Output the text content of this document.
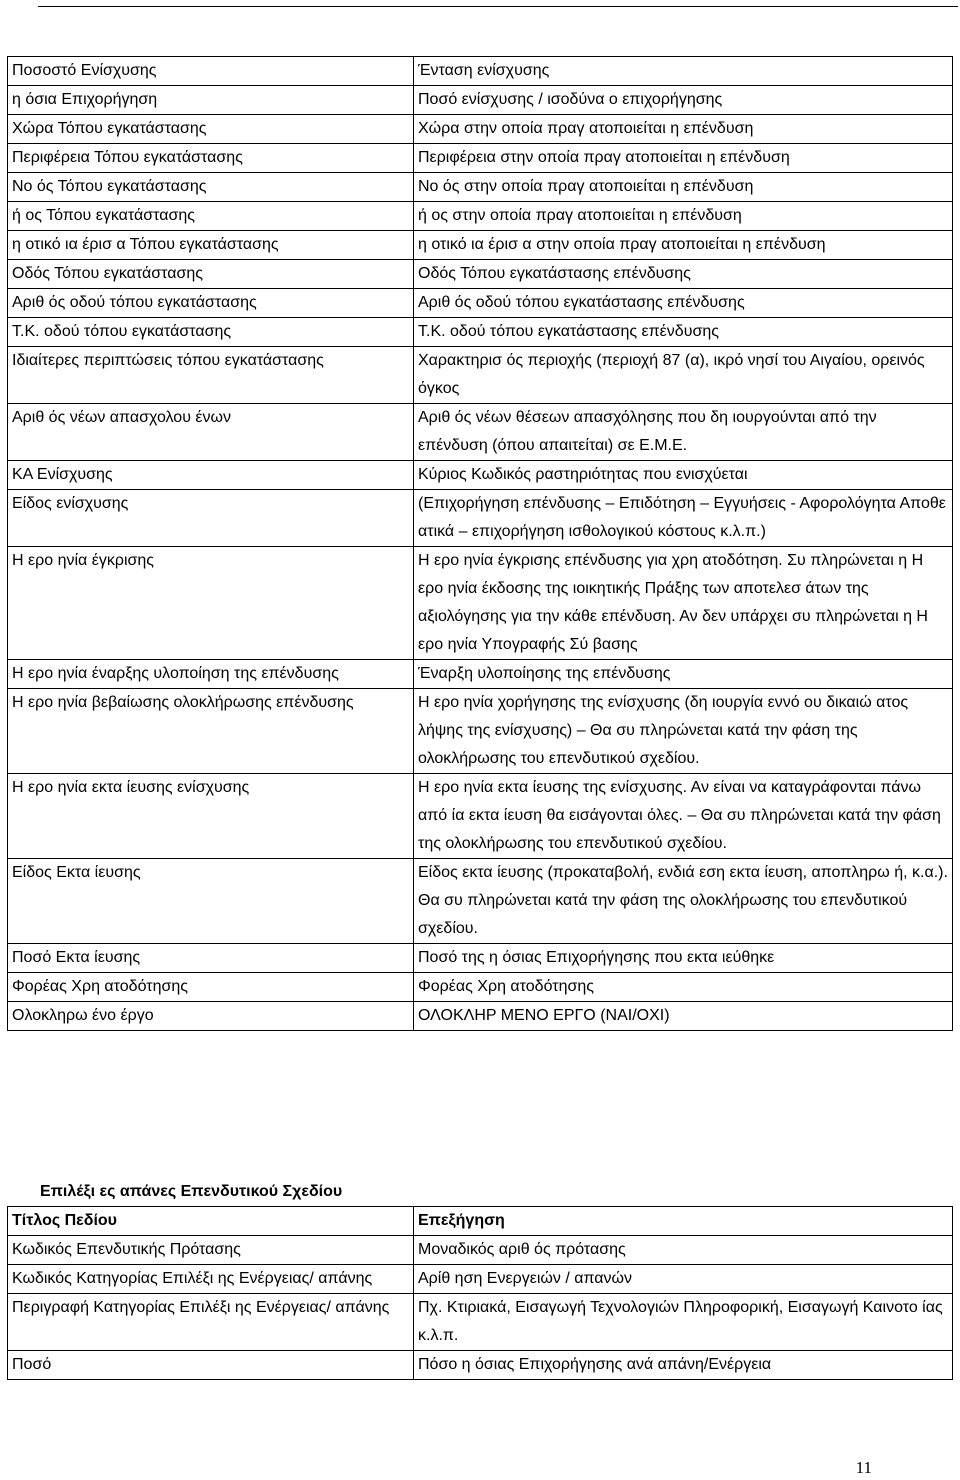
Ποσοστό Ενίσχυσης	Ένταση ενίσχυσης
η όσια Επιχορήγηση	Ποσό ενίσχυσης / ισοδύνα ο επιχορήγησης
Χώρα Τόπου εγκατάστασης	Χώρα στην οποία πραγ ατοποιείται η επένδυση
Περιφέρεια Τόπου εγκατάστασης	Περιφέρεια στην οποία πραγ ατοποιείται η επένδυση
Νο ός Τόπου εγκατάστασης	Νο ός στην οποία πραγ ατοποιείται η επένδυση
ή ος Τόπου εγκατάστασης	ή ος στην οποία πραγ ατοποιείται η επένδυση
η οτικό ια έρισ α Τόπου εγκατάστασης	η οτικό ια έρισ α στην οποία πραγ ατοποιείται η επένδυση
Οδός Τόπου εγκατάστασης	Οδός Τόπου εγκατάστασης επένδυσης
Αριθ ός οδού τόπου εγκατάστασης	Αριθ ός οδού τόπου εγκατάστασης επένδυσης
Τ.Κ. οδού τόπου εγκατάστασης	Τ.Κ. οδού τόπου εγκατάστασης επένδυσης
Ιδιαίτερες περιπτώσεις τόπου εγκατάστασης	Χαρακτηρισ ός περιοχής (περιοχή 87 (α), ικρό νησί του Αιγαίου, ορεινός όγκος
Αριθ ός νέων απασχολου ένων	Αριθ ός νέων θέσεων απασχόλησης που δη ιουργούνται από την επένδυση (όπου απαιτείται) σε Ε.Μ.Ε.
ΚΑ Ενίσχυσης	Κύριος Κωδικός ραστηριότητας που ενισχύεται
Είδος ενίσχυσης	(Επιχορήγηση επένδυσης – Επιδότηση – Εγγυήσεις - Αφορολόγητα Αποθε ατικά – επιχορήγηση ισθολογικού κόστους κ.λ.π.)
Η ερο ηνία έγκρισης	Η ερο ηνία έγκρισης επένδυσης για χρη ατοδότηση. Συ πληρώνεται η Η ερο ηνία έκδοσης της ιοικητικής Πράξης των αποτελεσ άτων της αξιολόγησης για την κάθε επένδυση. Αν δεν υπάρχει συ πληρώνεται η Η ερο ηνία Υπογραφής Σύ βασης
Η ερο ηνία έναρξης υλοποίηση της επένδυσης	Έναρξη υλοποίησης της επένδυσης
Η ερο ηνία βεβαίωσης ολοκλήρωσης επένδυσης	Η ερο ηνία χορήγησης της ενίσχυσης (δη ιουργία εννό ου δικαιώ ατος λήψης της ενίσχυσης) – Θα συ πληρώνεται κατά την φάση της ολοκλήρωσης του επενδυτικού σχεδίου.
Η ερο ηνία εκτα ίευσης ενίσχυσης	Η ερο ηνία εκτα ίευσης της ενίσχυσης. Αν είναι να καταγράφονται πάνω από ία εκτα ίευση θα εισάγονται όλες. – Θα συ πληρώνεται κατά την φάση της ολοκλήρωσης του επενδυτικού σχεδίου.
Είδος Εκτα ίευσης	Είδος εκτα ίευσης (προκαταβολή, ενδιά εση εκτα ίευση, αποπληρω ή, κ.α.). Θα συ πληρώνεται κατά την φάση της ολοκλήρωσης του επενδυτικού σχεδίου.
Ποσό Εκτα ίευσης	Ποσό της η όσιας Επιχορήγησης που εκτα ιεύθηκε
Φορέας Χρη ατοδότησης	Φορέας Χρη ατοδότησης
Ολοκληρω ένο έργο	ΟΛΟΚΛΗΡ ΜΕΝΟ ΕΡΓΟ (ΝΑΙ/ΟΧΙ)
Επιλέξι ες απάνες Επενδυτικού Σχεδίου
Τίτλος Πεδίου	Επεξήγηση
Κωδικός Επενδυτικής Πρότασης	Μοναδικός αριθ ός πρότασης
Κωδικός Κατηγορίας Επιλέξι ης Ενέργειας/ απάνης	Αρίθ ηση Ενεργειών / απανών
Περιγραφή Κατηγορίας Επιλέξι ης Ενέργειας/ απάνης	Πχ. Κτιριακά, Εισαγωγή Τεχνολογιών Πληροφορική, Εισαγωγή Καινοτο ίας κ.λ.π.
Ποσό	Πόσο η όσιας Επιχορήγησης ανά απάνη/Ενέργεια
11
